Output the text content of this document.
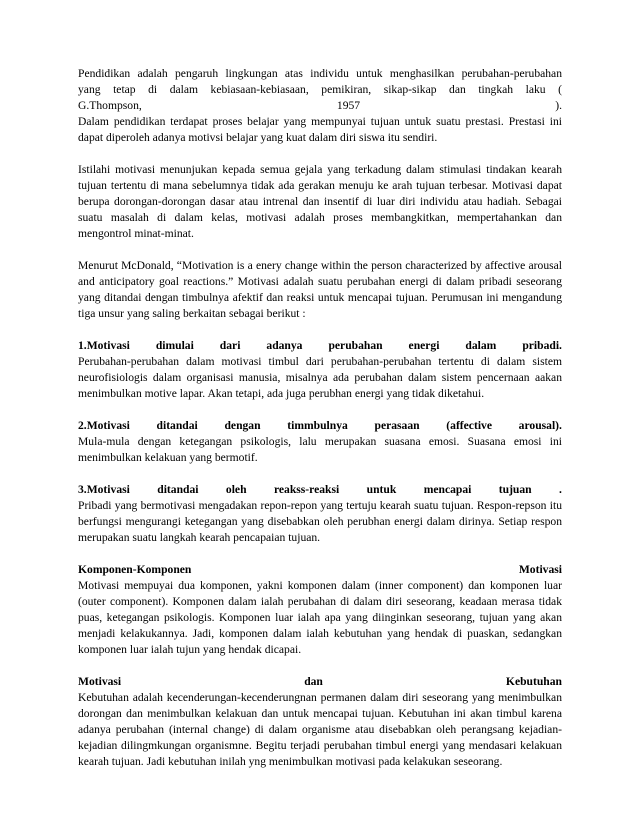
Pendidikan adalah pengaruh lingkungan atas individu untuk menghasilkan perubahan-perubahan
yang tetap di dalam kebiasaan-kebiasaan, pemikiran, sikap-sikap dan tingkah laku (
G.Thompson,	1957	).
Dalam pendidikan terdapat proses belajar yang mempunyai tujuan untuk suatu prestasi. Prestasi ini dapat diperoleh adanya motivsi belajar yang kuat dalam diri siswa itu sendiri.

Istilahi motivasi menunjukan kepada semua gejala yang terkadung dalam stimulasi tindakan kearah tujuan tertentu di mana sebelumnya tidak ada gerakan menuju ke arah tujuan terbesar. Motivasi dapat berupa dorongan-dorongan dasar atau intrenal dan insentif di luar diri individu atau hadiah. Sebagai suatu masalah di dalam kelas, motivasi adalah proses membangkitkan, mempertahankan dan mengontrol minat-minat.

Menurut McDonald, “Motivation is a enery change within the person characterized by affective arousal and anticipatory goal reactions.” Motivasi adalah suatu perubahan energi di dalam pribadi seseorang yang ditandai dengan timbulnya afektif dan reaksi untuk mencapai tujuan. Perumusan ini mengandung tiga unsur yang saling berkaitan sebagai berikut :

1.Motivasi dimulai dari adanya perubahan energi dalam pribadi.
Perubahan-perubahan dalam motivasi timbul dari perubahan-perubahan tertentu di dalam sistem neurofisiologis dalam organisasi manusia, misalnya ada perubahan dalam sistem pencernaan aakan menimbulkan motive lapar. Akan tetapi, ada juga perubhan energi yang tidak diketahui.
2.Motivasi ditandai dengan timmbulnya perasaan (affective arousal).
Mula-mula dengan ketegangan psikologis, lalu merupakan suasana emosi. Suasana emosi ini menimbulkan kelakuan yang bermotif.
3.Motivasi ditandai oleh reakss-reaksi untuk mencapai tujuan .
Pribadi yang bermotivasi mengadakan repon-repon yang tertuju kearah suatu tujuan. Respon-repson itu berfungsi mengurangi ketegangan yang disebabkan oleh perubhan energi dalam dirinya. Setiap respon merupakan suatu langkah kearah pencapaian tujuan.
Komponen-Komponen	Motivasi
Motivasi mempuyai dua komponen, yakni komponen dalam (inner component) dan komponen luar (outer component). Komponen dalam ialah perubahan di dalam diri seseorang, keadaan merasa tidak puas, ketegangan psikologis. Komponen luar ialah apa yang diinginkan seseorang, tujuan yang akan menjadi kelakukannya. Jadi, komponen dalam ialah kebutuhan yang hendak di puaskan, sedangkan komponen luar ialah tujun yang hendak dicapai.
Motivasi	dan	Kebutuhan
Kebutuhan adalah kecenderungan-kecenderungnan permanen dalam diri seseorang yang menimbulkan dorongan dan menimbulkan kelakuan dan untuk mencapai tujuan. Kebutuhan ini akan timbul karena adanya perubahan (internal change) di dalam organisme atau disebabkan oleh perangsang kejadian-kejadian dilingmkungan organismne. Begitu terjadi perubahan timbul energi yang mendasari kelakuan kearah tujuan. Jadi kebutuhan inilah yng menimbulkan motivasi pada kelakukan seseorang.
